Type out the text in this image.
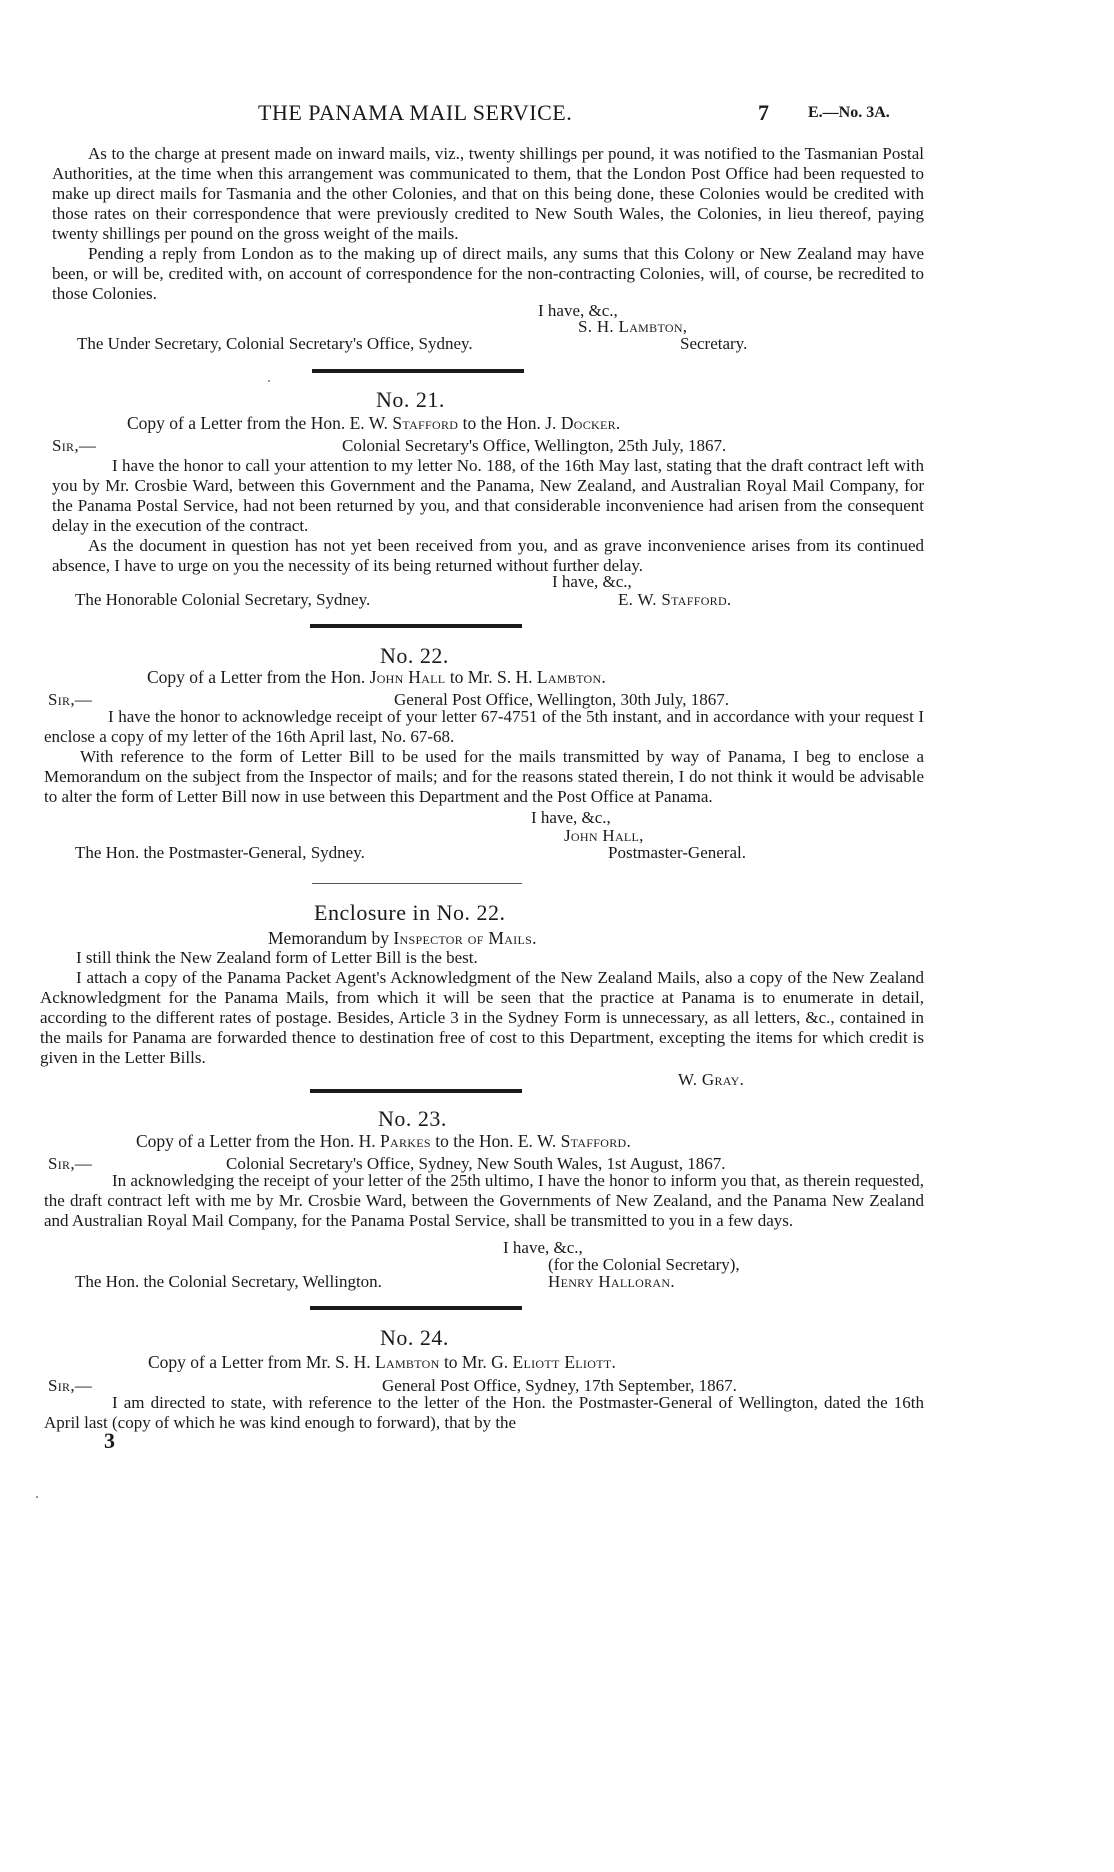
THE PANAMA MAIL SERVICE.	7 E.—No. 3A.

As to the charge at present made on inward mails, viz., twenty shillings per pound, it was notified to the Tasmanian Postal Authorities, at the time when this arrangement was communicated to them, that the London Post Office had been requested to make up direct mails for Tasmania and the other Colonies, and that on this being done, these Colonies would be credited with those rates on their correspondence that were previously credited to New South Wales, the Colonies, in lieu thereof, paying twenty shillings per pound on the gross weight of the mails.

Pending a reply from London as to the making up of direct mails, any sums that this Colony or New Zealand may have been, or will be, credited with, on account of correspondence for the non-contracting Colonies, will, of course, be recredited to those Colonies.

I have, &c.,
S. H. Lambton,
The Under Secretary, Colonial Secretary's Office, Sydney.	Secretary.
No. 21.
Copy of a Letter from the Hon. E. W. Stafford to the Hon. J. Docker.
Sir,—	Colonial Secretary's Office, Wellington, 25th July, 1867.

I have the honor to call your attention to my letter No. 188, of the 16th May last, stating that the draft contract left with you by Mr. Crosbie Ward, between this Government and the Panama, New Zealand, and Australian Royal Mail Company, for the Panama Postal Service, had not been returned by you, and that considerable inconvenience had arisen from the consequent delay in the execution of the contract.

As the document in question has not yet been received from you, and as grave inconvenience arises from its continued absence, I have to urge on you the necessity of its being returned without further delay.

I have, &c.,
The Honorable Colonial Secretary, Sydney.	E. W. Stafford.
No. 22.
Copy of a Letter from the Hon. John Hall to Mr. S. H. Lambton.
Sir,—	General Post Office, Wellington, 30th July, 1867.

I have the honor to acknowledge receipt of your letter 67-4751 of the 5th instant, and in accordance with your request I enclose a copy of my letter of the 16th April last, No. 67-68.

With reference to the form of Letter Bill to be used for the mails transmitted by way of Panama, I beg to enclose a Memorandum on the subject from the Inspector of mails; and for the reasons stated therein, I do not think it would be advisable to alter the form of Letter Bill now in use between this Department and the Post Office at Panama.

I have, &c.,
John Hall,
The Hon. the Postmaster-General, Sydney.	Postmaster-General.
Enclosure in No. 22.
Memorandum by Inspector of Mails.

I still think the New Zealand form of Letter Bill is the best.

I attach a copy of the Panama Packet Agent's Acknowledgment of the New Zealand Mails, also a copy of the New Zealand Acknowledgment for the Panama Mails, from which it will be seen that the practice at Panama is to enumerate in detail, according to the different rates of postage. Besides, Article 3 in the Sydney Form is unnecessary, as all letters, &c., contained in the mails for Panama are forwarded thence to destination free of cost to this Department, excepting the items for which credit is given in the Letter Bills.

W. Gray.
No. 23.
Copy of a Letter from the Hon. H. Parkes to the Hon. E. W. Stafford.
Sir,—	Colonial Secretary's Office, Sydney, New South Wales, 1st August, 1867.

In acknowledging the receipt of your letter of the 25th ultimo, I have the honor to inform you that, as therein requested, the draft contract left with me by Mr. Crosbie Ward, between the Governments of New Zealand, and the Panama New Zealand and Australian Royal Mail Company, for the Panama Postal Service, shall be transmitted to you in a few days.

I have, &c.,
(for the Colonial Secretary),
The Hon. the Colonial Secretary, Wellington.	Henry Halloran.
No. 24.
Copy of a Letter from Mr. S. H. Lambton to Mr. G. Eliott Eliott.
Sir,—	General Post Office, Sydney, 17th September, 1867.

I am directed to state, with reference to the letter of the Hon. the Postmaster-General of Wellington, dated the 16th April last (copy of which he was kind enough to forward), that by the

3
